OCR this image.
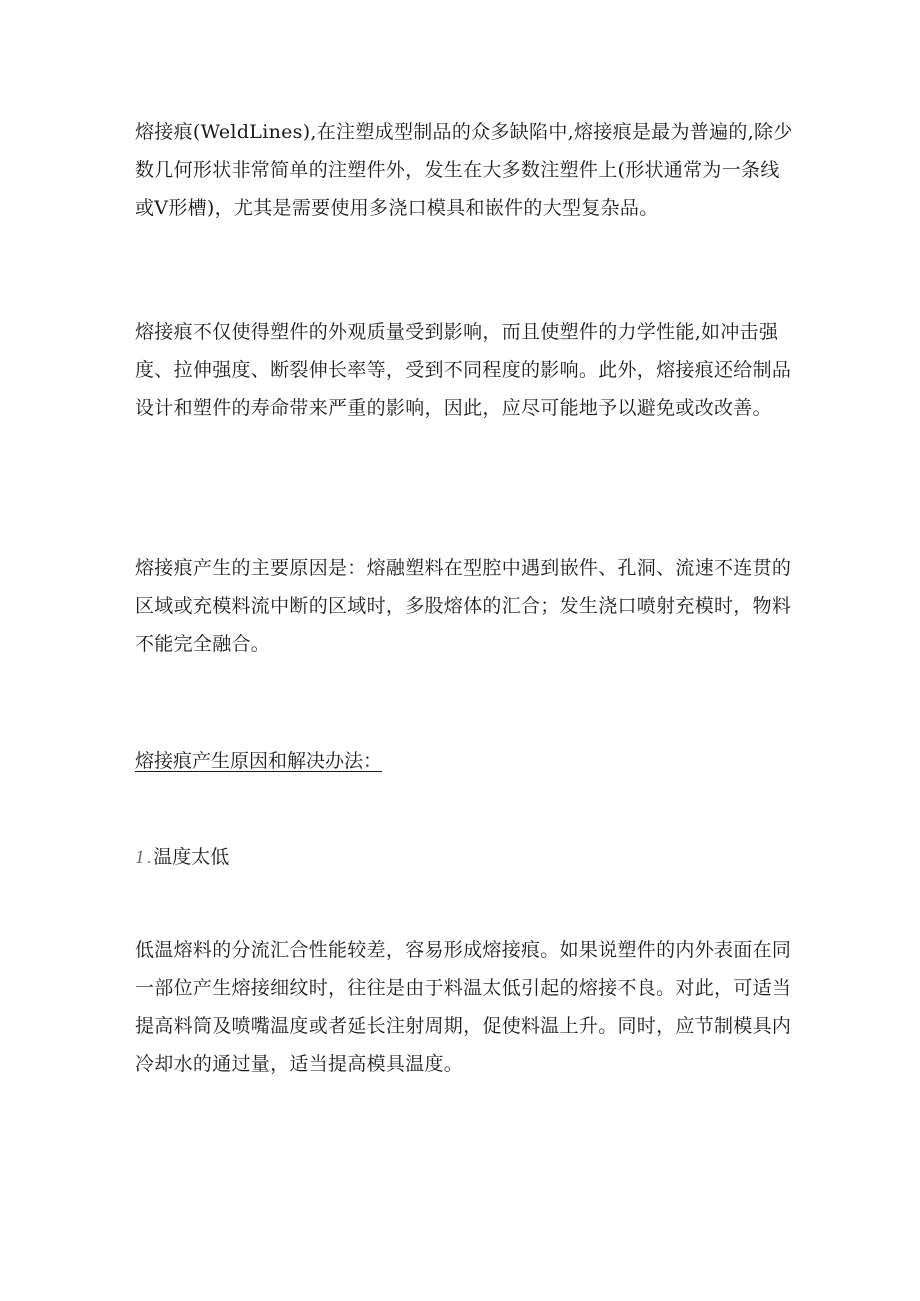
熔接痕(WeldLines),在注塑成型制品的众多缺陷中,熔接痕是最为普遍的,除少数几何形状非常简单的注塑件外，发生在大多数注塑件上(形状通常为一条线或V形槽)，尤其是需要使用多浇口模具和嵌件的大型复杂品。

熔接痕不仅使得塑件的外观质量受到影响，而且使塑件的力学性能,如冲击强度、拉伸强度、断裂伸长率等，受到不同程度的影响。此外，熔接痕还给制品设计和塑件的寿命带来严重的影响，因此，应尽可能地予以避免或改改善。

熔接痕产生的主要原因是：熔融塑料在型腔中遇到嵌件、孔洞、流速不连贯的区域或充模料流中断的区域时，多股熔体的汇合；发生浇口喷射充模时，物料不能完全融合。

熔接痕产生原因和解决办法：

1 . 温度太低

低温熔料的分流汇合性能较差，容易形成熔接痕。如果说塑件的内外表面在同一部位产生熔接细纹时，往往是由于料温太低引起的熔接不良。对此，可适当提高料筒及喷嘴温度或者延长注射周期，促使料温上升。同时，应节制模具内冷却水的通过量，适当提高模具温度。
